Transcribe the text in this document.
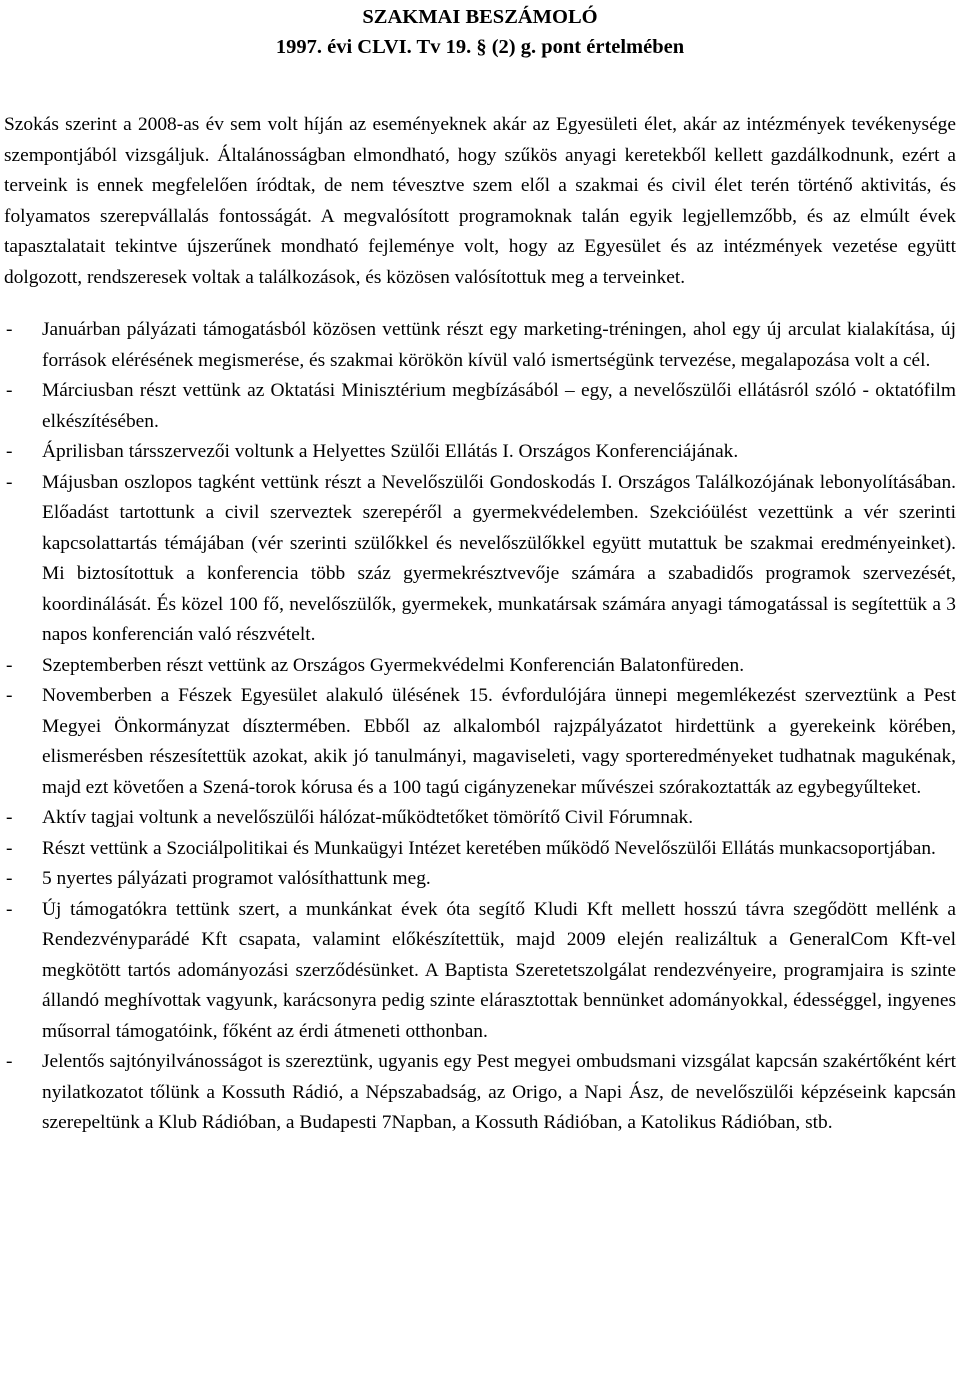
SZAKMAI BESZÁMOLÓ
1997. évi CLVI. Tv 19. § (2) g. pont értelmében

Szokás szerint a 2008-as év sem volt híján az eseményeknek akár az Egyesületi élet, akár az intézmények tevékenysége szempontjából vizsgáljuk. Általánosságban elmondható, hogy szűkös anyagi keretekből kellett gazdálkodnunk, ezért a terveink is ennek megfelelően íródtak, de nem tévesztve szem elől a szakmai és civil élet terén történő aktivitás, és folyamatos szerepvállalás fontosságát. A megvalósított programoknak talán egyik legjellemzőbb, és az elmúlt évek tapasztalatait tekintve újszerűnek mondható fejleménye volt, hogy az Egyesület és az intézmények vezetése együtt dolgozott, rendszeresek voltak a találkozások, és közösen valósítottuk meg a terveinket.

- Januárban pályázati támogatásból közösen vettünk részt egy marketing-tréningen, ahol egy új arculat kialakítása, új források elérésének megismerése, és szakmai körökön kívül való ismertségünk tervezése, megalapozása volt a cél.
- Márciusban részt vettünk az Oktatási Minisztérium megbízásából – egy, a nevelőszülői ellátásról szóló - oktatófilm elkészítésében.
- Áprilisban társszervezői voltunk a Helyettes Szülői Ellátás I. Országos Konferenciájának.
- Májusban oszlopos tagként vettünk részt a Nevelőszülői Gondoskodás I. Országos Találkozójának lebonyolításában. Előadást tartottunk a civil szerveztek szerepéről a gyermekvédelemben. Szekcióülést vezettünk a vér szerinti kapcsolattartás témájában (vér szerinti szülőkkel és nevelőszülőkkel együtt mutattuk be szakmai eredményeinket). Mi biztosítottuk a konferencia több száz gyermekrésztvevője számára a szabadidős programok szervezését, koordinálását. És közel 100 fő, nevelőszülők, gyermekek, munkatársak számára anyagi támogatással is segítettük a 3 napos konferencián való részvételt.
- Szeptemberben részt vettünk az Országos Gyermekvédelmi Konferencián Balatonfüreden.
- Novemberben a Fészek Egyesület alakuló ülésének 15. évfordulójára ünnepi megemlékezést szerveztünk a Pest Megyei Önkormányzat dísztermében. Ebből az alkalomból rajzpályázatot hirdettünk a gyerekeink körében, elismerésben részesítettük azokat, akik jó tanulmányi, magaviseleti, vagy sporteredményeket tudhatnak magukénak, majd ezt követően a Szená-torok kórusa és a 100 tagú cigányzenekar művészei szórakoztatták az egybegyűlteket.
- Aktív tagjai voltunk a nevelőszülői hálózat-működtetőket tömörítő Civil Fórumnak.
- Részt vettünk a Szociálpolitikai és Munkaügyi Intézet keretében működő Nevelőszülői Ellátás munkacsoportjában.
- 5 nyertes pályázati programot valósíthattunk meg.
- Új támogatókra tettünk szert, a munkánkat évek óta segítő Kludi Kft mellett hosszú távra szegődött mellénk a Rendezvényparádé Kft csapata, valamint előkészítettük, majd 2009 elején realizáltuk a GeneralCom Kft-vel megkötött tartós adományozási szerződésünket. A Baptista Szeretetszolgálat rendezvényeire, programjaira is szinte állandó meghívottak vagyunk, karácsonyra pedig szinte elárasztottak bennünket adományokkal, édességgel, ingyenes műsorral támogatóink, főként az érdi átmeneti otthonban.
- Jelentős sajtónyilvánosságot is szereztünk, ugyanis egy Pest megyei ombudsmani vizsgálat kapcsán szakértőként kért nyilatkozatot tőlünk a Kossuth Rádió, a Népszabadság, az Origo, a Napi Ász, de nevelőszülői képzéseink kapcsán szerepeltünk a Klub Rádióban, a Budapesti 7Napban, a Kossuth Rádióban, a Katolikus Rádióban, stb.
